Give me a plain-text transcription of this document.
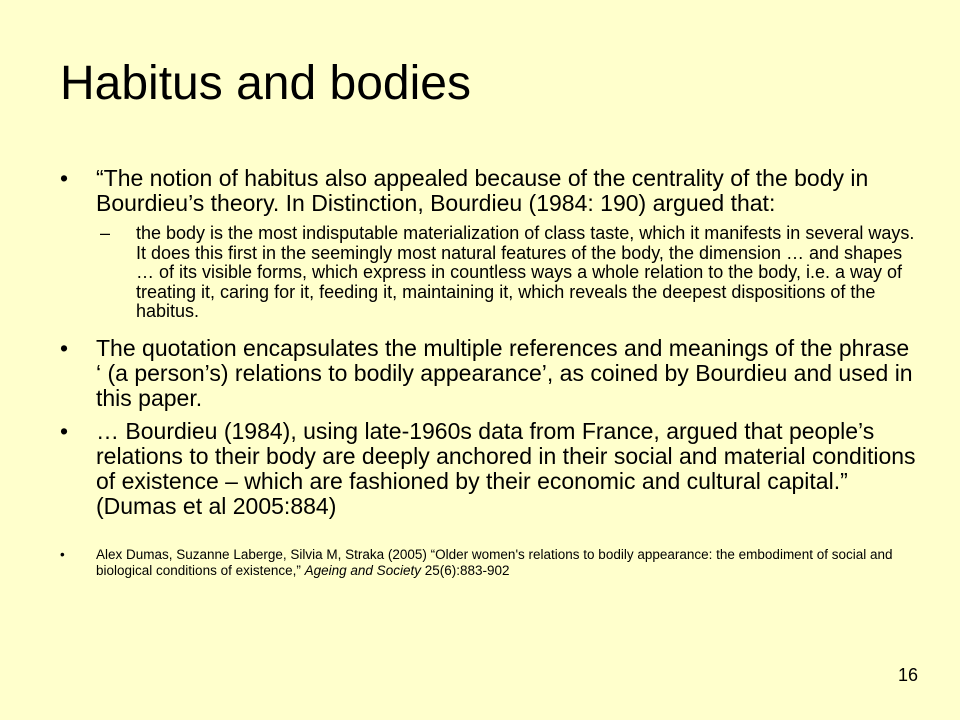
Habitus and bodies
• “The notion of habitus also appealed because of the centrality of the body in Bourdieu’s theory. In Distinction, Bourdieu (1984: 190) argued that:
– the body is the most indisputable materialization of class taste, which it manifests in several ways. It does this first in the seemingly most natural features of the body, the dimension … and shapes … of its visible forms, which express in countless ways a whole relation to the body, i.e. a way of treating it, caring for it, feeding it, maintaining it, which reveals the deepest dispositions of the habitus.
• The quotation encapsulates the multiple references and meanings of the phrase ‘ (a person’s) relations to bodily appearance’, as coined by Bourdieu and used in this paper.
• … Bourdieu (1984), using late-1960s data from France, argued that people’s relations to their body are deeply anchored in their social and material conditions of existence – which are fashioned by their economic and cultural capital.” (Dumas et al 2005:884)
• Alex Dumas, Suzanne Laberge, Silvia M, Straka (2005) “Older women's relations to bodily appearance: the embodiment of social and biological conditions of existence,” Ageing and Society 25(6):883-902
16
